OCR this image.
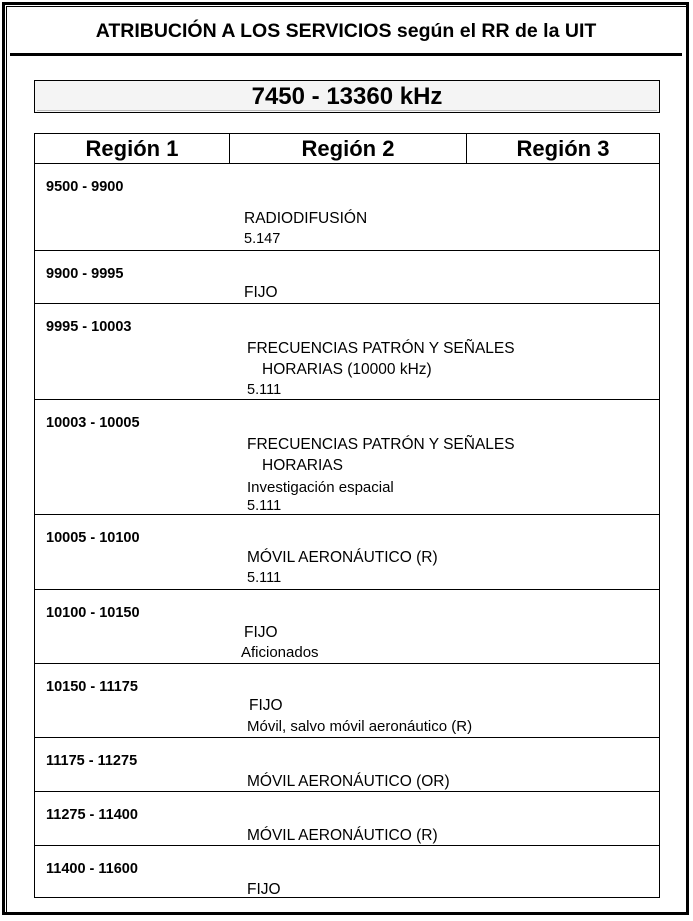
ATRIBUCIÓN A LOS SERVICIOS según el RR de la UIT
7450 - 13360 kHz
Región 1	Región 2	Región 3
9500 - 9900
RADIODIFUSIÓN
5.147
9900 - 9995
FIJO
9995 - 10003
FRECUENCIAS PATRÓN Y SEÑALES
HORARIAS (10000 kHz)
5.111
10003 - 10005
FRECUENCIAS PATRÓN Y SEÑALES
HORARIAS
Investigación espacial
5.111
10005 - 10100
MÓVIL AERONÁUTICO (R)
5.111
10100 - 10150
FIJO
Aficionados
10150 - 11175
FIJO
Móvil, salvo móvil aeronáutico (R)
11175 - 11275
MÓVIL AERONÁUTICO (OR)
11275 - 11400
MÓVIL AERONÁUTICO (R)
11400 - 11600
FIJO
